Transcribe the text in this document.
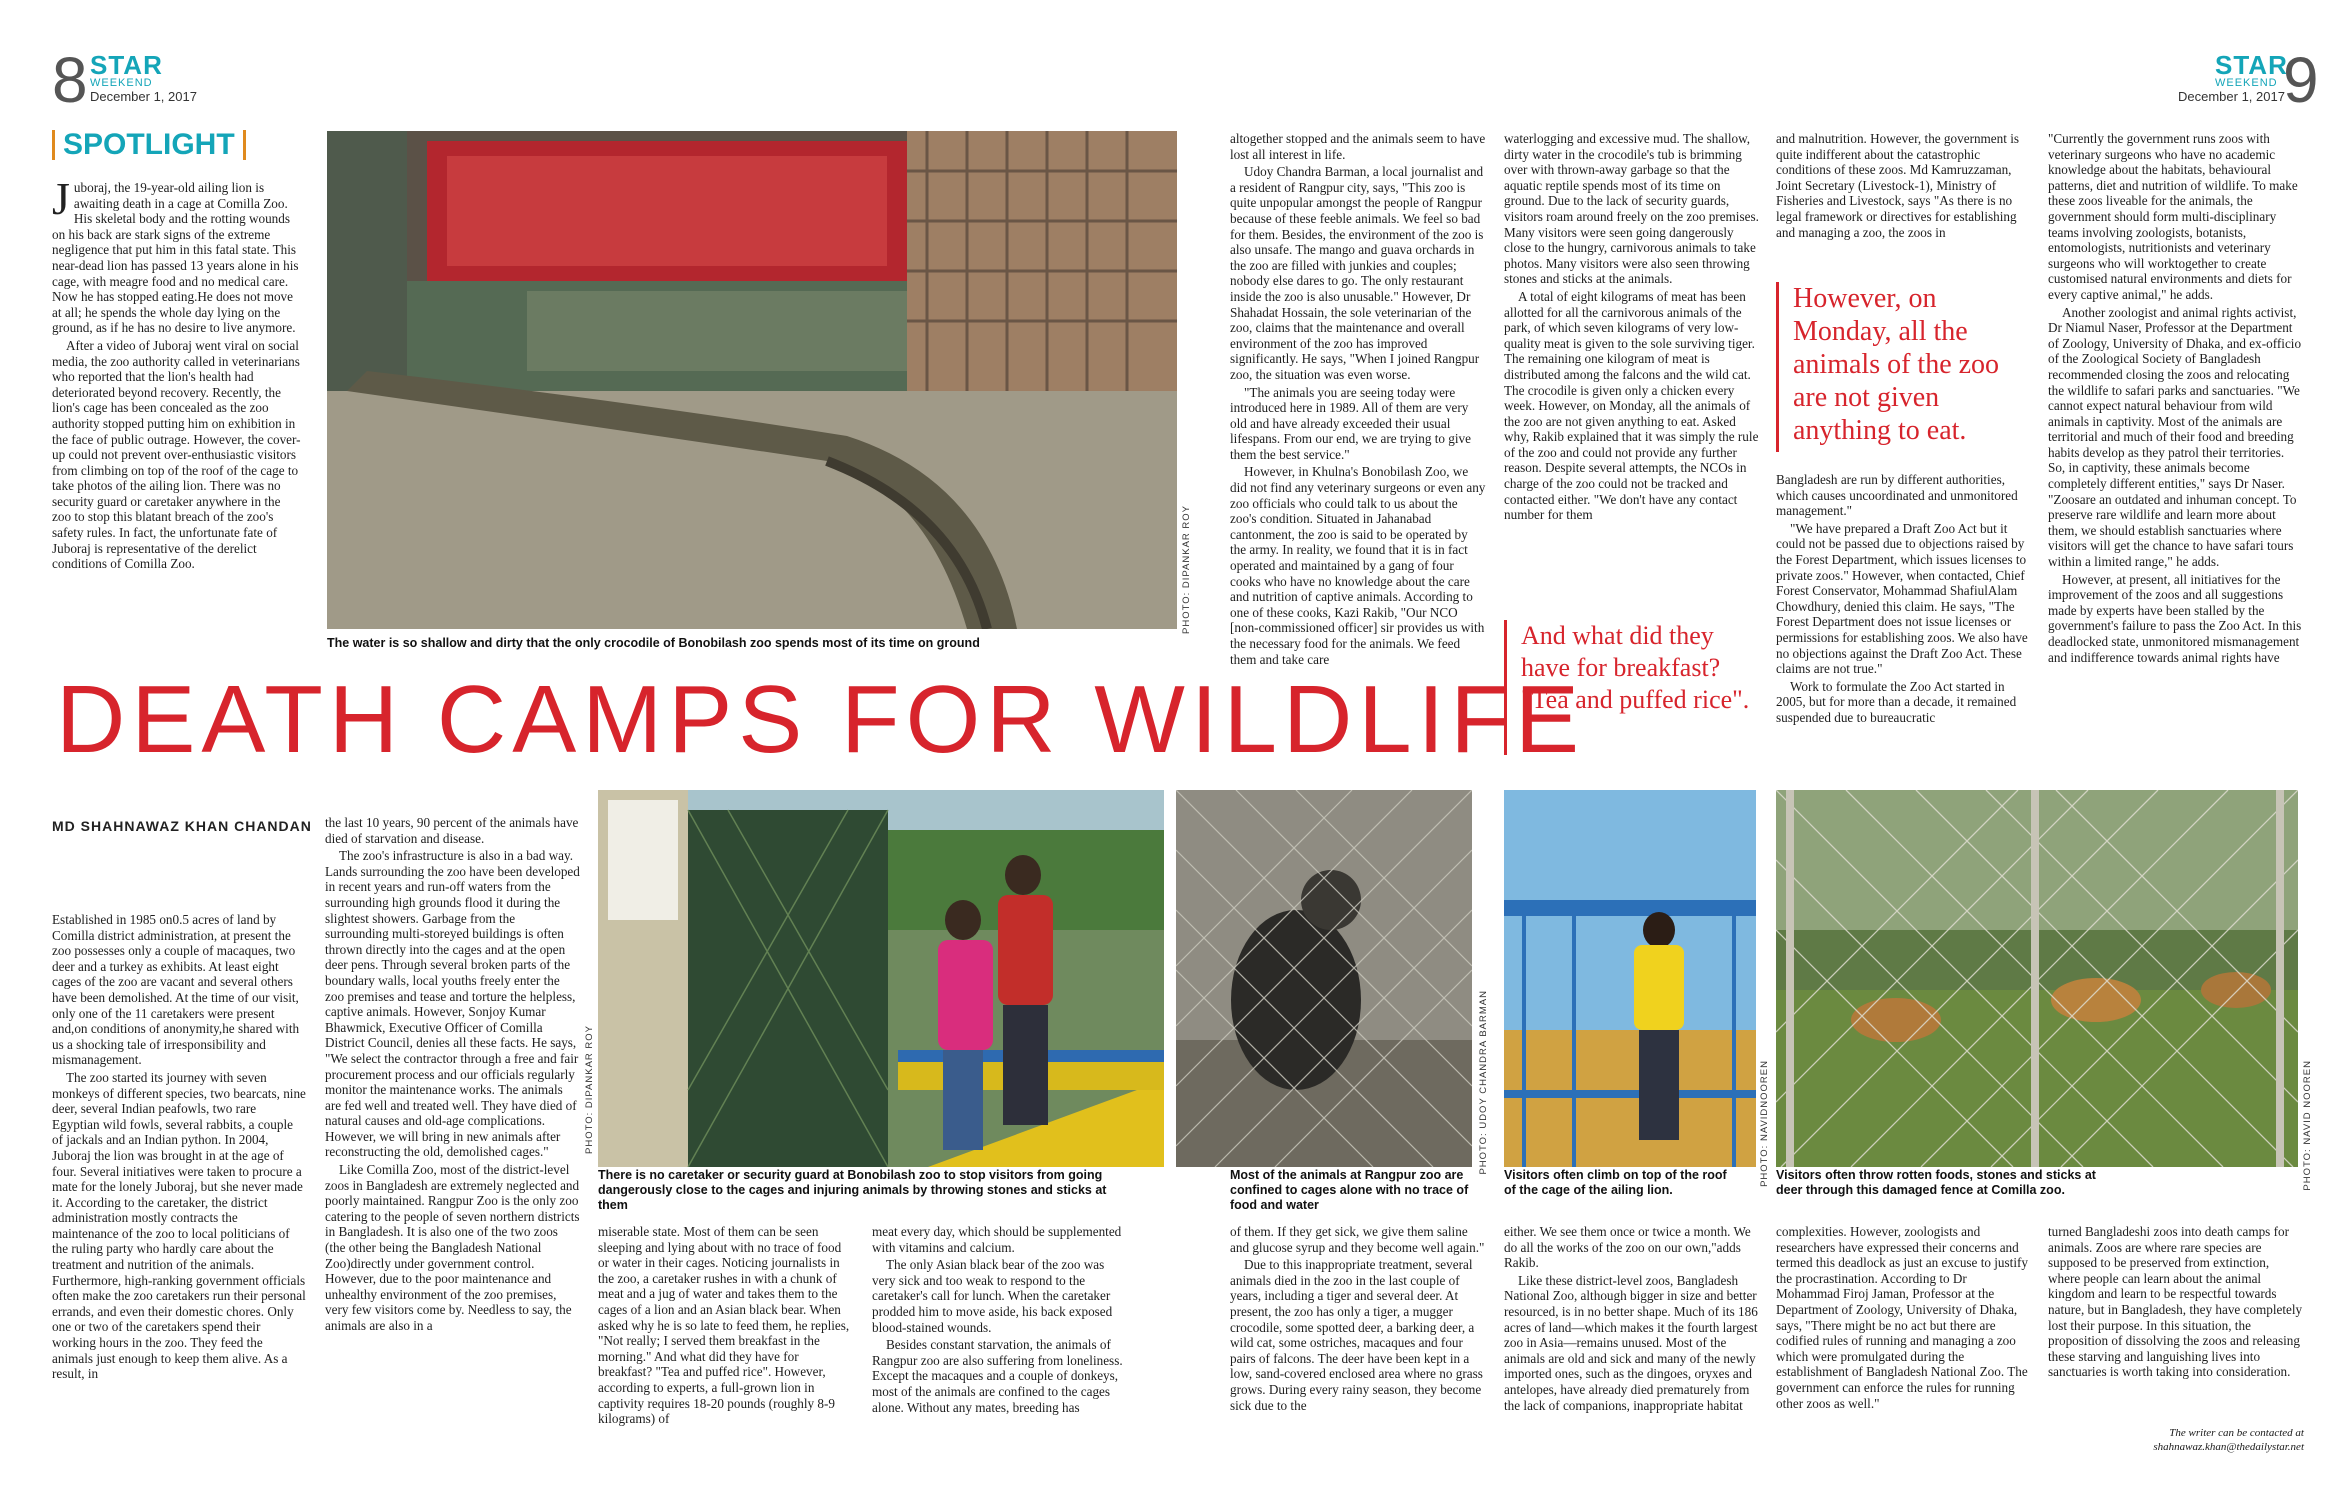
8 STAR
WEEKEND
December 1, 2017
STAR
WEEKEND
December 1, 2017
9
SPOTLIGHT

Juboraj, the 19-year-old ailing lion is awaiting death in a cage at Comilla Zoo. His skeletal body and the rotting wounds on his back are stark signs of the extreme negligence that put him in this fatal state. This near-dead lion has passed 13 years alone in his cage, with meagre food and no medical care. Now he has stopped eating.He does not move at all; he spends the whole day lying on the ground, as if he has no desire to live anymore.

After a video of Juboraj went viral on social media, the zoo authority called in veterinarians who reported that the lion's health had deteriorated beyond recovery. Recently, the lion's cage has been concealed as the zoo authority stopped putting him on exhibition in the face of public outrage. However, the cover-up could not prevent over-enthusiastic visitors from climbing on top of the roof of the cage to take photos of the ailing lion. There was no security guard or caretaker anywhere in the zoo to stop this blatant breach of the zoo's safety rules. In fact, the unfortunate fate of Juboraj is representative of the derelict conditions of Comilla Zoo.	PHOTO: DIPANKAR ROY
The water is so shallow and dirty that the only crocodile of Bonobilash zoo spends most of its time on ground
DEATH CAMPS FOR WILDLIFE
MD SHAHNAWAZ KHAN CHANDAN

Established in 1985 on0.5 acres of land by Comilla district administration, at present the zoo possesses only a couple of macaques, two deer and a turkey as exhibits. At least eight cages of the zoo are vacant and several others have been demolished. At the time of our visit, only one of the 11 caretakers were present and,on conditions of anonymity,he shared with us a shocking tale of irresponsibility and mismanagement.

The zoo started its journey with seven monkeys of different species, two bearcats, nine deer, several Indian peafowls, two rare Egyptian wild fowls, several rabbits, a couple of jackals and an Indian python. In 2004, Juboraj the lion was brought in at the age of four. Several initiatives were taken to procure a mate for the lonely Juboraj, but she never made it. According to the caretaker, the district administration mostly contracts the maintenance of the zoo to local politicians of the ruling party who hardly care about the treatment and nutrition of the animals. Furthermore, high-ranking government officials often make the zoo caretakers run their personal errands, and even their domestic chores. Only one or two of the caretakers spend their working hours in the zoo. They feed the animals just enough to keep them alive. As a result, in

the last 10 years, 90 percent of the animals have died of starvation and disease.

The zoo's infrastructure is also in a bad way. Lands surrounding the zoo have been developed in recent years and run-off waters from the surrounding high grounds flood it during the slightest showers. Garbage from the surrounding multi-storeyed buildings is often thrown directly into the cages and at the open deer pens. Through several broken parts of the boundary walls, local youths freely enter the zoo premises and tease and torture the helpless, captive animals. However, Sonjoy Kumar Bhawmick, Executive Officer of Comilla District Council, denies all these facts. He says, "We select the contractor through a free and fair procurement process and our officials regularly monitor the maintenance works. The animals are fed well and treated well. They have died of natural causes and old-age complications. However, we will bring in new animals after reconstructing the old, demolished cages."

Like Comilla Zoo, most of the district-level zoos in Bangladesh are extremely neglected and poorly maintained. Rangpur Zoo is the only zoo catering to the people of seven northern districts in Bangladesh. It is also one of the two zoos (the other being the Bangladesh National Zoo)directly under government control. However, due to the poor maintenance and unhealthy environment of the zoo premises, very few visitors come by. Needless to say, the animals are also in a

PHOTO: DIPANKAR ROY
There is no caretaker or security guard at Bonobilash zoo to stop visitors from going dangerously close to the cages and injuring animals by throwing stones and sticks at them

miserable state. Most of them can be seen sleeping and lying about with no trace of food or water in their cages. Noticing journalists in the zoo, a caretaker rushes in with a chunk of meat and a jug of water and takes them to the cages of a lion and an Asian black bear. When asked why he is so late to feed them, he replies, "Not really; I served them breakfast in the morning." And what did they have for breakfast? "Tea and puffed rice". However, according to experts, a full-grown lion in captivity requires 18-20 pounds (roughly 8-9 kilograms) of

meat every day, which should be supplemented with vitamins and calcium.

The only Asian black bear of the zoo was very sick and too weak to respond to the caretaker's call for lunch. When the caretaker prodded him to move aside, his back exposed blood-stained wounds.

Besides constant starvation, the animals of Rangpur zoo are also suffering from loneliness. Except the macaques and a couple of donkeys, most of the animals are confined to the cages alone. Without any mates, breeding has

altogether stopped and the animals seem to have lost all interest in life.

Udoy Chandra Barman, a local journalist and a resident of Rangpur city, says, "This zoo is quite unpopular amongst the people of Rangpur because of these feeble animals. We feel so bad for them. Besides, the environment of the zoo is also unsafe. The mango and guava orchards in the zoo are filled with junkies and couples; nobody else dares to go. The only restaurant inside the zoo is also unusable." However, Dr Shahadat Hossain, the sole veterinarian of the zoo, claims that the maintenance and overall environment of the zoo has improved significantly. He says, "When I joined Rangpur zoo, the situation was even worse.

"The animals you are seeing today were introduced here in 1989. All of them are very old and have already exceeded their usual lifespans. From our end, we are trying to give them the best service."

However, in Khulna's Bonobilash Zoo, we did not find any veterinary surgeons or even any zoo officials who could talk to us about the zoo's condition. Situated in Jahanabad cantonment, the zoo is said to be operated by the army. In reality, we found that it is in fact operated and maintained by a gang of four cooks who have no knowledge about the care and nutrition of captive animals. According to one of these cooks, Kazi Rakib, "Our NCO [non-commissioned officer] sir provides us with the necessary food for the animals. We feed them and take care

waterlogging and excessive mud. The shallow, dirty water in the crocodile's tub is brimming over with thrown-away garbage so that the aquatic reptile spends most of its time on ground. Due to the lack of security guards, visitors roam around freely on the zoo premises. Many visitors were seen going dangerously close to the hungry, carnivorous animals to take photos. Many visitors were also seen throwing stones and sticks at the animals.

A total of eight kilograms of meat has been allotted for all the carnivorous animals of the park, of which seven kilograms of very low-quality meat is given to the sole surviving tiger. The remaining one kilogram of meat is distributed among the falcons and the wild cat. The crocodile is given only a chicken every week. However, on Monday, all the animals of the zoo are not given anything to eat. Asked why, Rakib explained that it was simply the rule of the zoo and could not provide any further reason. Despite several attempts, the NCOs in charge of the zoo could not be tracked and contacted either. "We don't have any contact number for them

And what did they have for breakfast? "Tea and puffed rice".

and malnutrition. However, the government is quite indifferent about the catastrophic conditions of these zoos. Md Kamruzzaman, Joint Secretary (Livestock-1), Ministry of Fisheries and Livestock, says "As there is no legal framework or directives for establishing and managing a zoo, the zoos in

However, on Monday, all the animals of the zoo are not given anything to eat.

Bangladesh are run by different authorities, which causes uncoordinated and unmonitored management."

"We have prepared a Draft Zoo Act but it could not be passed due to objections raised by the Forest Department, which issues licenses to private zoos." However, when contacted, Chief Forest Conservator, Mohammad ShafiulAlam Chowdhury, denied this claim. He says, "The Forest Department does not issue licenses or permissions for establishing zoos. We also have no objections against the Draft Zoo Act. These claims are not true."

Work to formulate the Zoo Act started in 2005, but for more than a decade, it remained suspended due to bureaucratic

"Currently the government runs zoos with veterinary surgeons who have no academic knowledge about the habitats, behavioural patterns, diet and nutrition of wildlife. To make these zoos liveable for the animals, the government should form multi-disciplinary teams involving zoologists, botanists, entomologists, nutritionists and veterinary surgeons who will worktogether to create customised natural environments and diets for every captive animal," he adds.

Another zoologist and animal rights activist, Dr Niamul Naser, Professor at the Department of Zoology, University of Dhaka, and ex-officio of the Zoological Society of Bangladesh recommended closing the zoos and relocating the wildlife to safari parks and sanctuaries. "We cannot expect natural behaviour from wild animals in captivity. Most of the animals are territorial and much of their food and breeding habits develop as they patrol their territories. So, in captivity, these animals become completely different entities," says Dr Naser. "Zoosare an outdated and inhuman concept. To preserve rare wildlife and learn more about them, we should establish sanctuaries where visitors will get the chance to have safari tours within a limited range," he adds.

However, at present, all initiatives for the improvement of the zoos and all suggestions made by experts have been stalled by the government's failure to pass the Zoo Act. In this deadlocked state, unmonitored mismanagement and indifference towards animal rights have

PHOTO: UDOY CHANDRA BARMAN
Most of the animals at Rangpur zoo are confined to cages alone with no trace of food and water
PHOTO: NAVIDNOOREN
Visitors often climb on top of the roof of the cage of the ailing lion.	PHOTO: NAVID NOOREN
Visitors often throw rotten foods, stones and sticks at deer through this damaged fence at Comilla zoo.

of them. If they get sick, we give them saline and glucose syrup and they become well again."

Due to this inappropriate treatment, several animals died in the zoo in the last couple of years, including a tiger and several deer. At present, the zoo has only a tiger, a mugger crocodile, some spotted deer, a barking deer, a wild cat, some ostriches, macaques and four pairs of falcons. The deer have been kept in a low, sand-covered enclosed area where no grass grows. During every rainy season, they become sick due to the

either. We see them once or twice a month. We do all the works of the zoo on our own,"adds Rakib.

Like these district-level zoos, Bangladesh National Zoo, although bigger in size and better resourced, is in no better shape. Much of its 186 acres of land—which makes it the fourth largest zoo in Asia—remains unused. Most of the animals are old and sick and many of the newly imported ones, such as the dingoes, oryxes and antelopes, have already died prematurely from the lack of companions, inappropriate habitat

complexities. However, zoologists and researchers have expressed their concerns and termed this deadlock as just an excuse to justify the procrastination. According to Dr Mohammad Firoj Jaman, Professor at the Department of Zoology, University of Dhaka, says, "There might be no act but there are codified rules of running and managing a zoo which were promulgated during the establishment of Bangladesh National Zoo. The government can enforce the rules for running other zoos as well."

turned Bangladeshi zoos into death camps for animals. Zoos are where rare species are supposed to be preserved from extinction, where people can learn about the animal kingdom and learn to be respectful towards nature, but in Bangladesh, they have completely lost their purpose. In this situation, the proposition of dissolving the zoos and releasing these starving and languishing lives into sanctuaries is worth taking into consideration.

The writer can be contacted at
shahnawaz.khan@thedailystar.net
